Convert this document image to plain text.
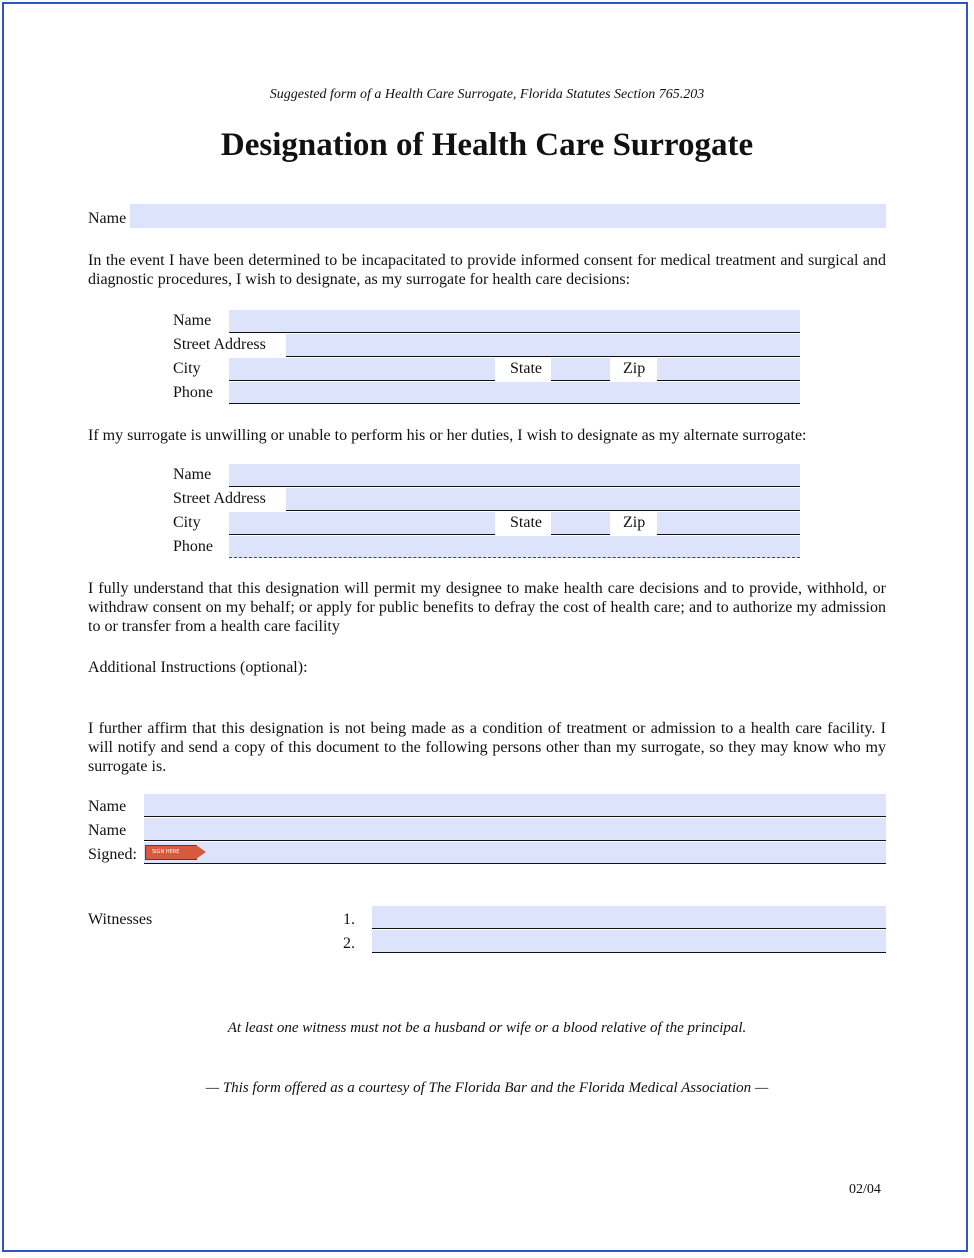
Suggested form of a Health Care Surrogate, Florida Statutes Section 765.203
Designation of Health Care Surrogate
Name
In the event I have been determined to be incapacitated to provide informed consent for medical treatment and surgical and diagnostic procedures, I wish to designate, as my surrogate for health care decisions:
Name
Street Address
City	State	Zip
Phone
If my surrogate is unwilling or unable to perform his or her duties, I wish to designate as my alternate surrogate:
Name
Street Address
City	State	Zip
Phone
I fully understand that this designation will permit my designee to make health care decisions and to provide, withhold, or withdraw consent on my behalf; or apply for public benefits to defray the cost of health care; and to authorize my admission to or transfer from a health care facility
Additional Instructions (optional):
I further affirm that this designation is not being made as a condition of treatment or admission to a health care facility. I will notify and send a copy of this document to the following persons other than my surrogate, so they may know who my surrogate is.
Name
Name
Signed:	SIGN HERE
Witnesses	1.
2.
At least one witness must not be a husband or wife or a blood relative of the principal.
— This form offered as a courtesy of The Florida Bar and the Florida Medical Association —
02/04
